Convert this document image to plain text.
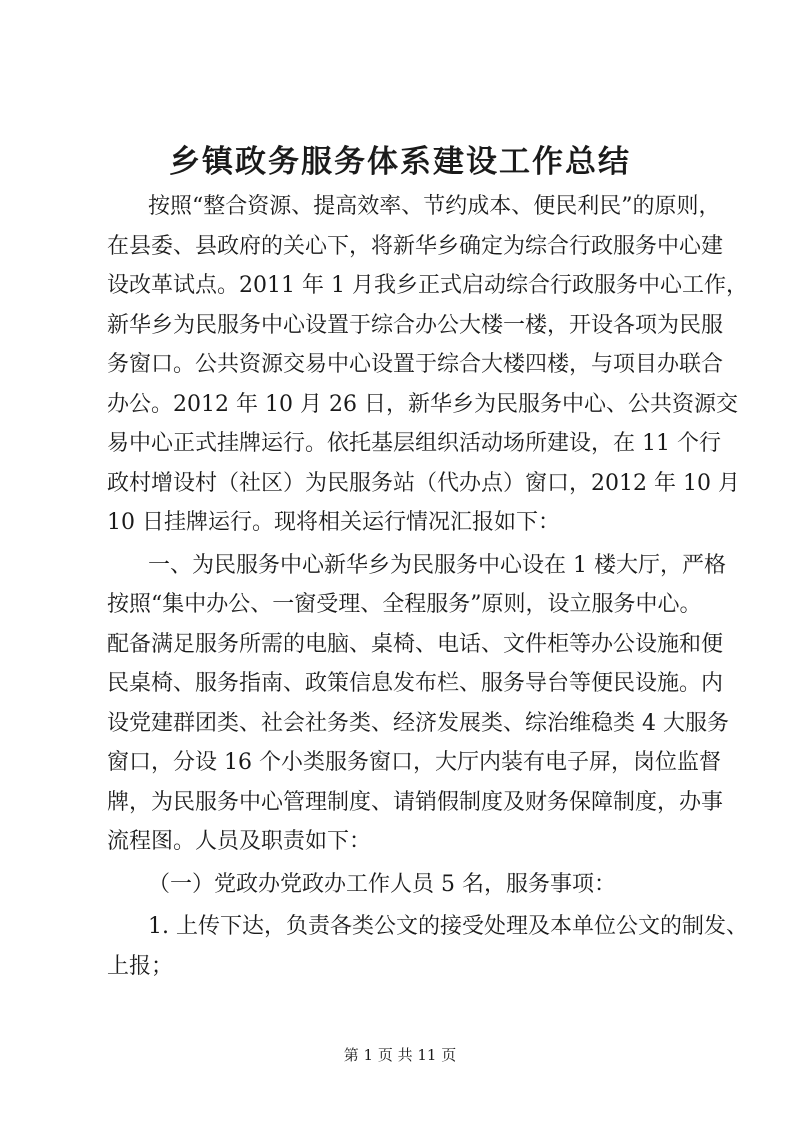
乡镇政务服务体系建设工作总结
按照“整合资源、提高效率、节约成本、便民利民”的原则，
在县委、县政府的关心下，将新华乡确定为综合行政服务中心建
设改革试点。2011 年 1 月我乡正式启动综合行政服务中心工作，
新华乡为民服务中心设置于综合办公大楼一楼，开设各项为民服
务窗口。公共资源交易中心设置于综合大楼四楼，与项目办联合
办公。2012 年 10 月 26 日，新华乡为民服务中心、公共资源交
易中心正式挂牌运行。依托基层组织活动场所建设，在 11 个行
政村增设村（社区）为民服务站（代办点）窗口，2012 年 10 月
10 日挂牌运行。现将相关运行情况汇报如下：
一、为民服务中心新华乡为民服务中心设在 1 楼大厅，严格
按照“集中办公、一窗受理、全程服务”原则，设立服务中心。
配备满足服务所需的电脑、桌椅、电话、文件柜等办公设施和便
民桌椅、服务指南、政策信息发布栏、服务导台等便民设施。内
设党建群团类、社会社务类、经济发展类、综治维稳类 4 大服务
窗口，分设 16 个小类服务窗口，大厅内装有电子屏，岗位监督
牌，为民服务中心管理制度、请销假制度及财务保障制度，办事
流程图。人员及职责如下：
（一）党政办党政办工作人员 5 名，服务事项：
1. 上传下达，负责各类公文的接受处理及本单位公文的制发、
上报；
第 1 页 共 11 页
